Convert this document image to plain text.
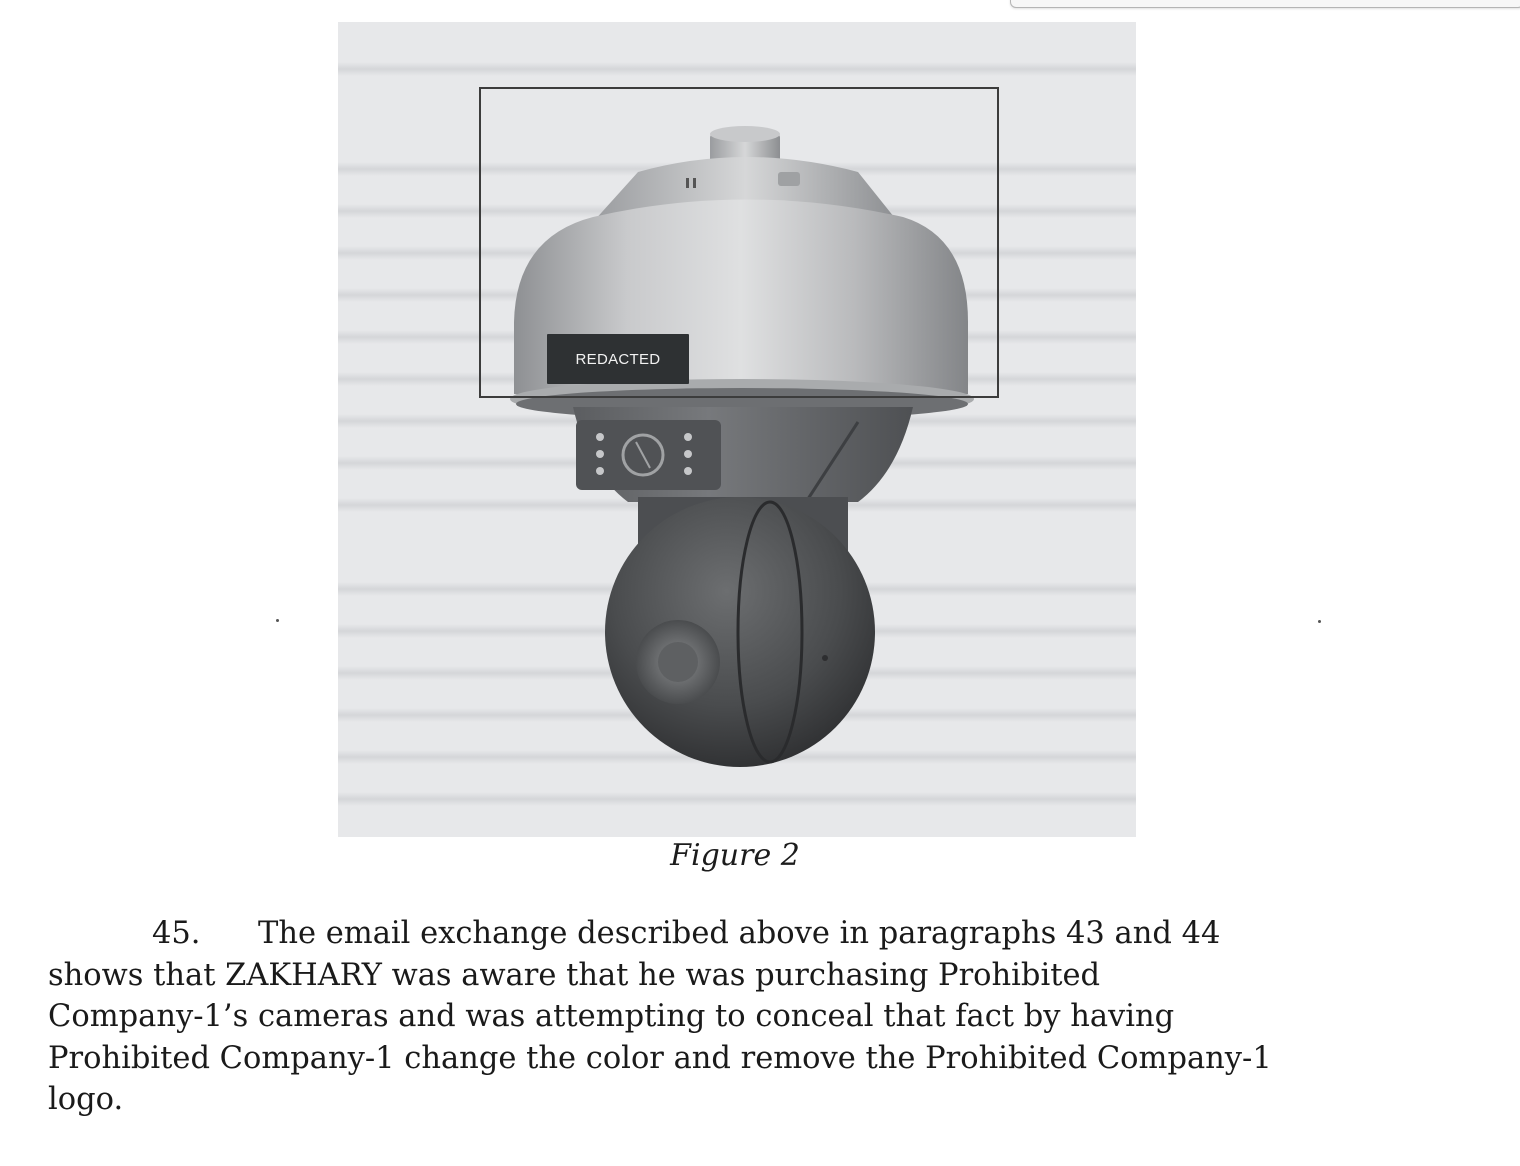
REDACTED
Figure 2
45. The email exchange described above in paragraphs 43 and 44
shows that ZAKHARY was aware that he was purchasing Prohibited
Company-1’s cameras and was attempting to conceal that fact by having
Prohibited Company-1 change the color and remove the Prohibited Company-1
logo.
